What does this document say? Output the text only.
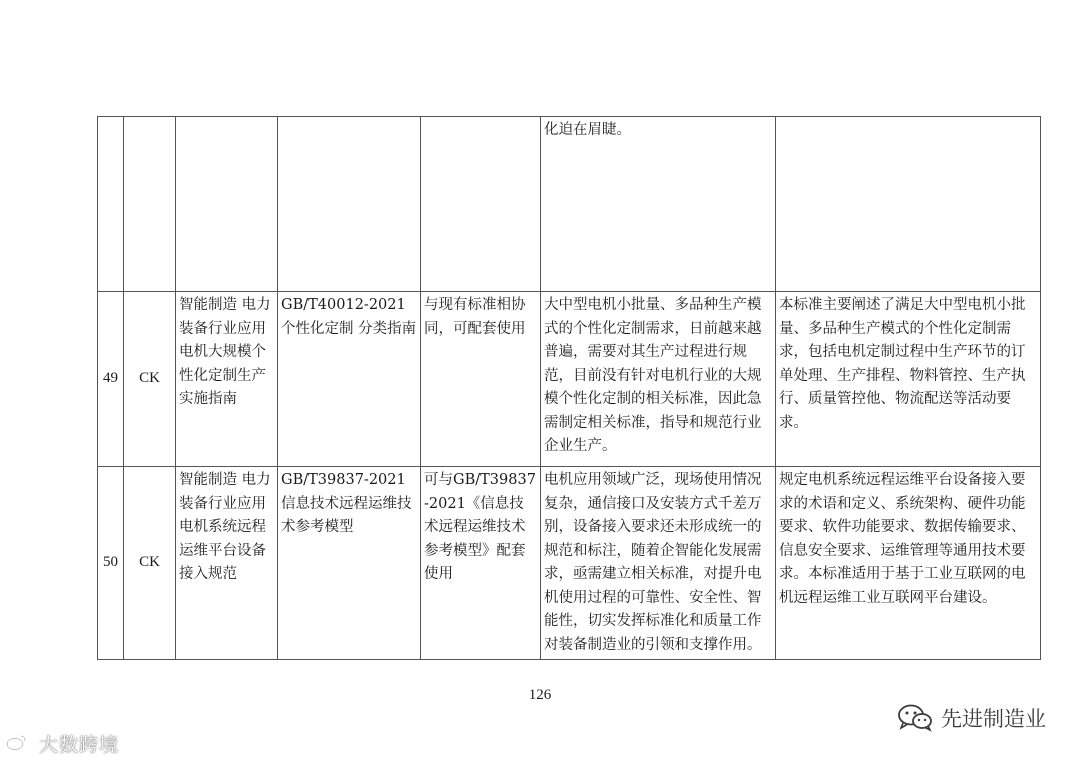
					化迫在眉睫。	
49	CK	智能制造 电力装备行业应用 电机大规模个性化定制生产实施指南	GB/T40012-2021 个性化定制 分类指南	与现有标准相协同，可配套使用	大中型电机小批量、多品种生产模式的个性化定制需求，日前越来越普遍，需要对其生产过程进行规范，目前没有针对电机行业的大规模个性化定制的相关标准，因此急需制定相关标准，指导和规范行业企业生产。	本标准主要阐述了满足大中型电机小批量、多品种生产模式的个性化定制需求，包括电机定制过程中生产环节的订单处理、生产排程、物料管控、生产执行、质量管控他、物流配送等活动要求。
50	CK	智能制造 电力装备行业应用 电机系统远程运维平台设备接入规范	GB/T39837-2021 信息技术远程运维技术参考模型	可与GB/T39837-2021《信息技术远程运维技术参考模型》配套使用	电机应用领域广泛，现场使用情况复杂，通信接口及安装方式千差万别，设备接入要求还未形成统一的规范和标注，随着企智能化发展需求，亟需建立相关标准，对提升电机使用过程的可靠性、安全性、智能性，切实发挥标准化和质量工作对装备制造业的引领和支撑作用。	规定电机系统远程运维平台设备接入要求的术语和定义、系统架构、硬件功能要求、软件功能要求、数据传输要求、信息安全要求、运维管理等通用技术要求。本标准适用于基于工业互联网的电机远程运维工业互联网平台建设。
126
大数跨境
先进制造业
